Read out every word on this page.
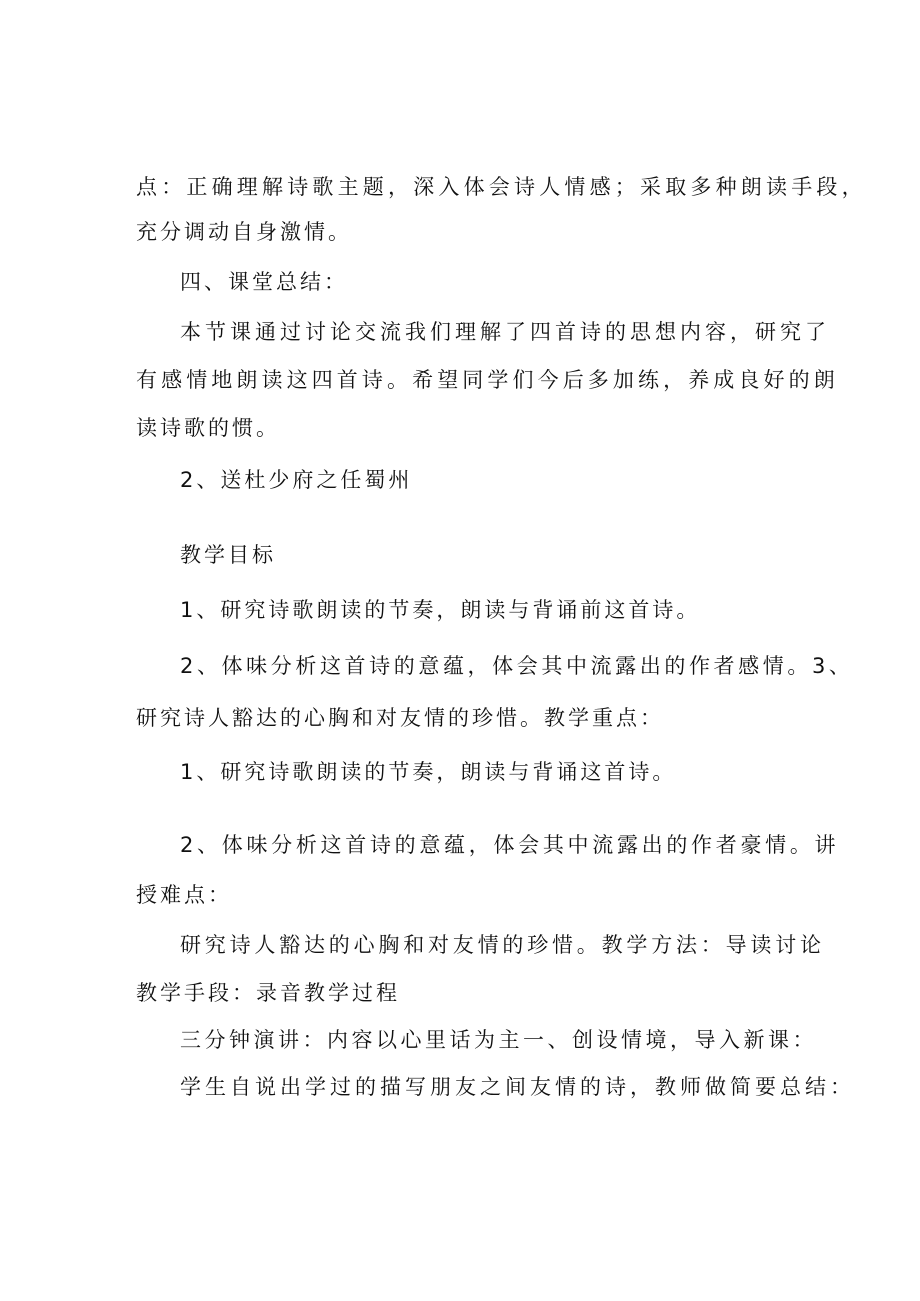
点：正确理解诗歌主题，深入体会诗人情感；采取多种朗读手段，
充分调动自身激情。
四、课堂总结：
本节课通过讨论交流我们理解了四首诗的思想内容，研究了
有感情地朗读这四首诗。希望同学们今后多加练，养成良好的朗
读诗歌的惯。
2、送杜少府之任蜀州
教学目标
1、研究诗歌朗读的节奏，朗读与背诵前这首诗。
2、体味分析这首诗的意蕴，体会其中流露出的作者感情。3、
研究诗人豁达的心胸和对友情的珍惜。教学重点：
1、研究诗歌朗读的节奏，朗读与背诵这首诗。
2、体味分析这首诗的意蕴，体会其中流露出的作者豪情。讲
授难点：
研究诗人豁达的心胸和对友情的珍惜。教学方法：导读讨论
教学手段：录音教学过程
三分钟演讲：内容以心里话为主一、创设情境，导入新课：
学生自说出学过的描写朋友之间友情的诗，教师做简要总结：
